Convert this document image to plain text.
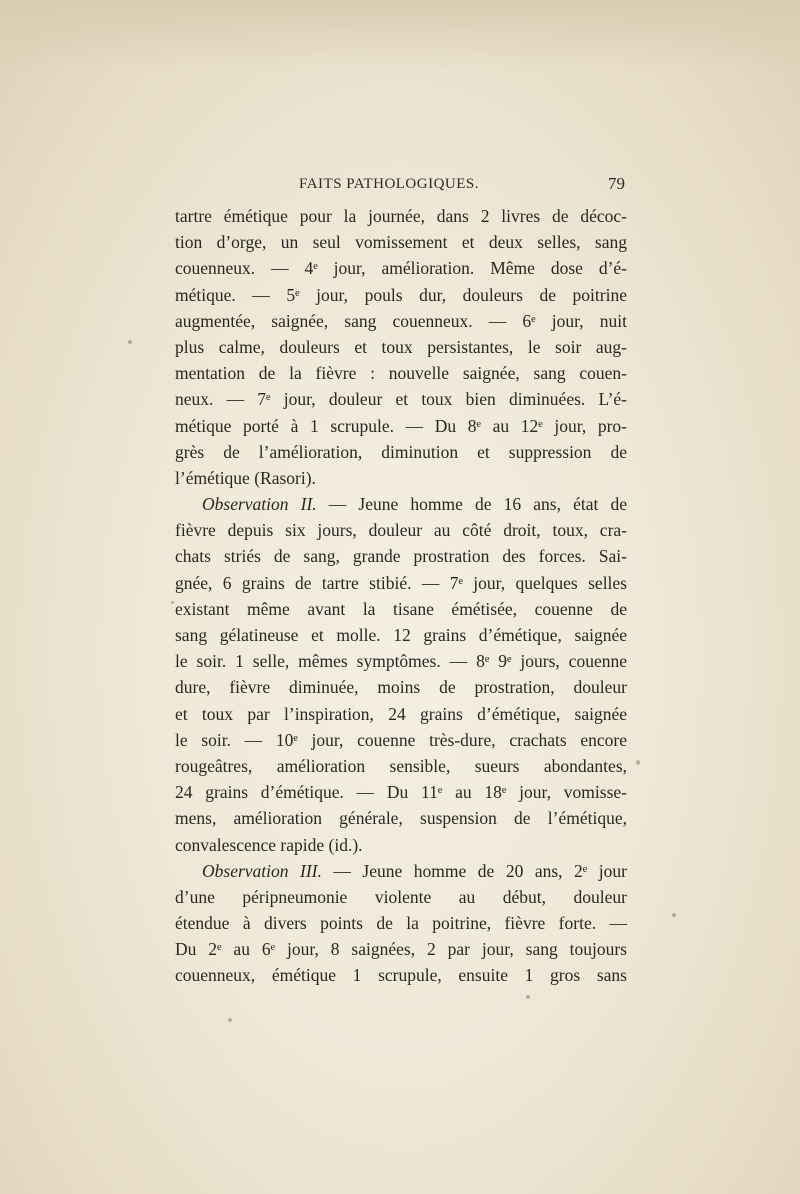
FAITS PATHOLOGIQUES.	79
tartre émétique pour la journée, dans 2 livres de décoc-
tion d’orge, un seul vomissement et deux selles, sang
couenneux. — 4ᵉ jour, amélioration. Même dose d’é-
métique. — 5ᵉ jour, pouls dur, douleurs de poitrine
augmentée, saignée, sang couenneux. — 6ᵉ jour, nuit
plus calme, douleurs et toux persistantes, le soir aug-
mentation de la fièvre : nouvelle saignée, sang couen-
neux. — 7ᵉ jour, douleur et toux bien diminuées. L’é-
métique porté à 1 scrupule. — Du 8ᵉ au 12ᵉ jour, pro-
grès de l’amélioration, diminution et suppression de
l’émétique (Rasori).
Observation II. — Jeune homme de 16 ans, état de
fièvre depuis six jours, douleur au côté droit, toux, cra-
chats striés de sang, grande prostration des forces. Sai-
gnée, 6 grains de tartre stibié. — 7ᵉ jour, quelques selles
existant même avant la tisane émétisée, couenne de
sang gélatineuse et molle. 12 grains d’émétique, saignée
le soir. 1 selle, mêmes symptômes. — 8ᵉ 9ᵉ jours, couenne
dure, fièvre diminuée, moins de prostration, douleur
et toux par l’inspiration, 24 grains d’émétique, saignée
le soir. — 10ᵉ jour, couenne très-dure, crachats encore
rougeâtres, amélioration sensible, sueurs abondantes,
24 grains d’émétique. — Du 11ᵉ au 18ᵉ jour, vomisse-
mens, amélioration générale, suspension de l’émétique,
convalescence rapide (id.).
Observation III. — Jeune homme de 20 ans, 2ᵉ jour
d’une péripneumonie violente au début, douleur
étendue à divers points de la poitrine, fièvre forte. —
Du 2ᵉ au 6ᵉ jour, 8 saignées, 2 par jour, sang toujours
couenneux, émétique 1 scrupule, ensuite 1 gros sans
